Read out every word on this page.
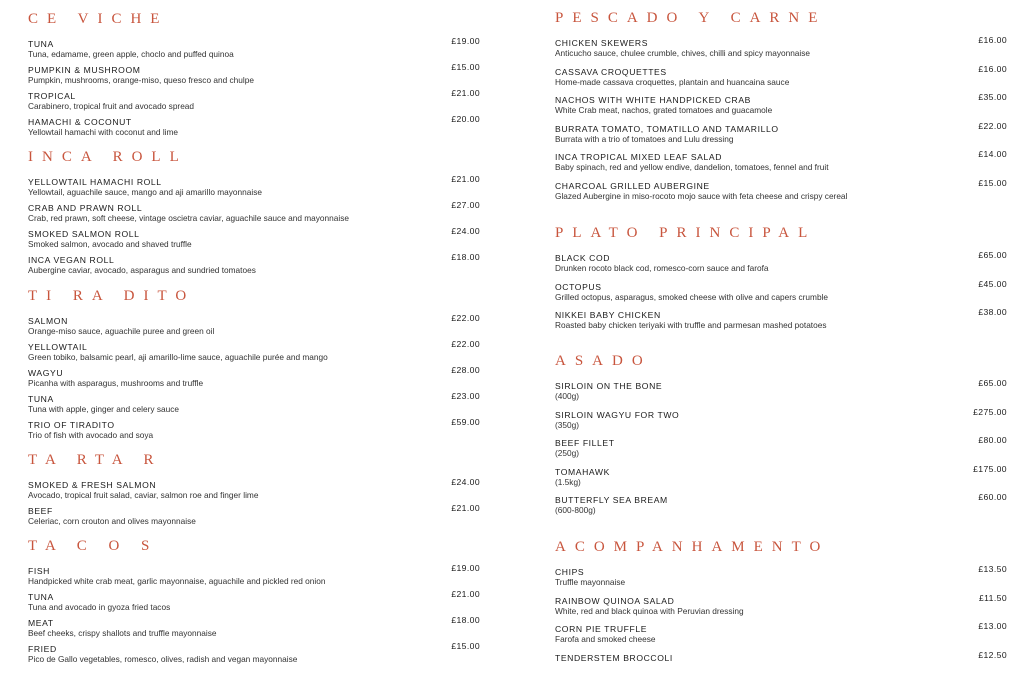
CE VICHE
TUNA
Tuna, edamame, green apple, choclo and puffed quinoa
£19.00
PUMPKIN & MUSHROOM
Pumpkin, mushrooms, orange-miso, queso fresco and chulpe
£15.00
TROPICAL
Carabinero, tropical fruit and avocado spread
£21.00
HAMACHI & COCONUT
Yellowtail hamachi with coconut and lime
£20.00
INCA ROLL
YELLOWTAIL HAMACHI ROLL
Yellowtail, aguachile sauce, mango and aji amarillo mayonnaise
£21.00
CRAB AND PRAWN ROLL
Crab, red prawn, soft cheese, vintage oscietra caviar, aguachile sauce and mayonnaise
£27.00
SMOKED SALMON ROLL
Smoked salmon, avocado and shaved truffle
£24.00
INCA VEGAN ROLL
Aubergine caviar, avocado, asparagus and sundried tomatoes
£18.00
TI RA DITO
SALMON
Orange-miso sauce, aguachile puree and green oil
£22.00
YELLOWTAIL
Green tobiko, balsamic pearl, aji amarillo-lime sauce, aguachile purée and mango
£22.00
WAGYU
Picanha with asparagus, mushrooms and truffle
£28.00
TUNA
Tuna with apple, ginger and celery sauce
£23.00
TRIO OF TIRADITO
Trio of fish with avocado and soya
£59.00
TA RTA R
SMOKED & FRESH SALMON
Avocado, tropical fruit salad, caviar, salmon roe and finger lime
£24.00
BEEF
Celeriac, corn crouton and olives mayonnaise
£21.00
TA C O S
FISH
Handpicked white crab meat, garlic mayonnaise, aguachile and pickled red onion
£19.00
TUNA
Tuna and avocado in gyoza fried tacos
£21.00
MEAT
Beef cheeks, crispy shallots and truffle mayonnaise
£18.00
FRIED
Pico de Gallo vegetables, romesco, olives, radish and vegan mayonnaise
£15.00
PESCADO Y CARNE
CHICKEN SKEWERS
Anticucho sauce, chulee crumble, chives, chilli and spicy mayonnaise
£16.00
CASSAVA CROQUETTES
Home-made cassava croquettes, plantain and huancaina sauce
£16.00
NACHOS WITH WHITE HANDPICKED CRAB
White Crab meat, nachos, grated tomatoes and guacamole
£35.00
BURRATA TOMATO, TOMATILLO AND TAMARILLO
Burrata with a trio of tomatoes and Lulu dressing
£22.00
INCA TROPICAL MIXED LEAF SALAD
Baby spinach, red and yellow endive, dandelion, tomatoes, fennel and fruit
£14.00
CHARCOAL GRILLED AUBERGINE
Glazed Aubergine in miso-rocoto mojo sauce with feta cheese and crispy cereal
£15.00
PLATO PRINCIPAL
BLACK COD
Drunken rocoto black cod, romesco-corn sauce and farofa
£65.00
OCTOPUS
Grilled octopus, asparagus, smoked cheese with olive and capers crumble
£45.00
NIKKEI BABY CHICKEN
Roasted baby chicken teriyaki with truffle and parmesan mashed potatoes
£38.00
ASADO
SIRLOIN ON THE BONE
(400g)
£65.00
SIRLOIN WAGYU FOR TWO
(350g)
£275.00
BEEF FILLET
(250g)
£80.00
TOMAHAWK
(1.5kg)
£175.00
BUTTERFLY SEA BREAM
(600-800g)
£60.00
ACOMPANHAMENTO
CHIPS
Truffle mayonnaise
£13.50
RAINBOW QUINOA SALAD
White, red and black quinoa with Peruvian dressing
£11.50
CORN PIE TRUFFLE
Farofa and smoked cheese
£13.00
TENDERSTEM BROCCOLI	£12.50
